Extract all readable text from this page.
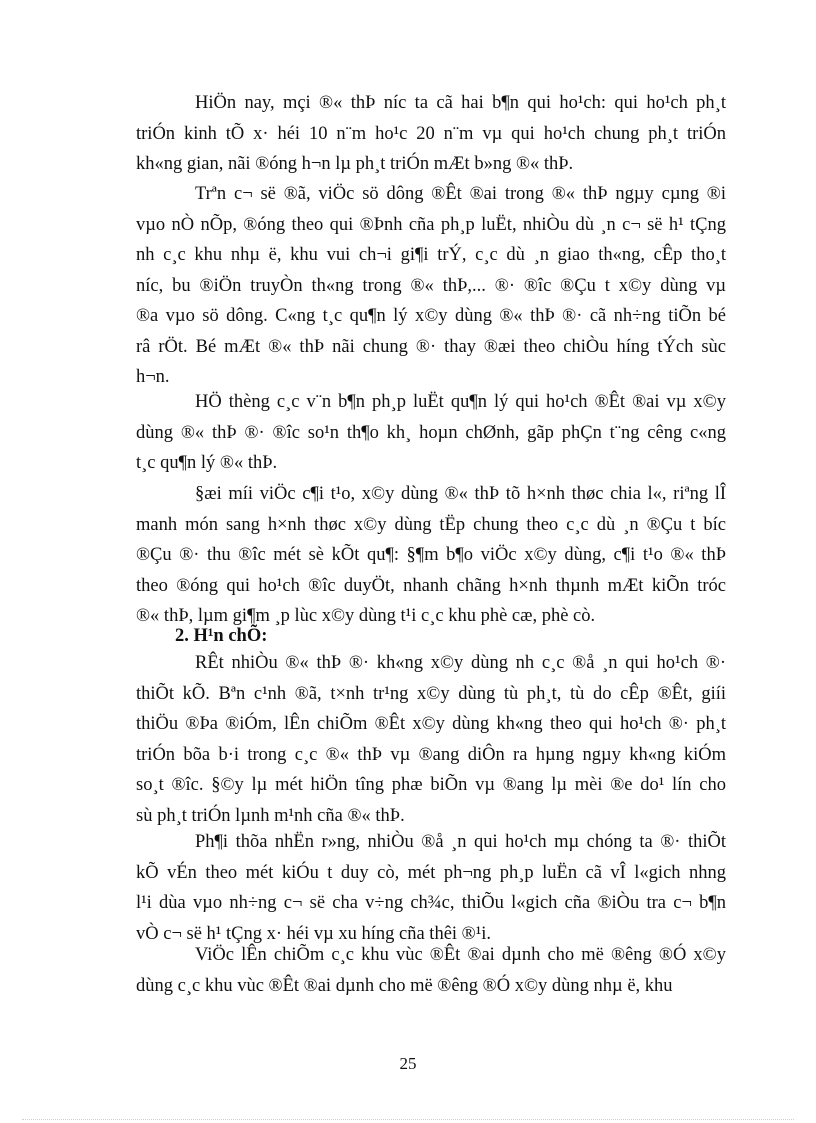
HiÖn nay, mçi ®« thÞ níc ta cã hai b¶n qui ho¹ch: qui ho¹ch ph¸t
triÓn kinh tÕ x· héi 10 n¨m ho¹c 20 n¨m vµ qui ho¹ch chung ph¸t triÓn
kh«ng gian, nãi ®óng h¬n lµ ph¸t triÓn mÆt b»ng ®« thÞ.
Trªn c¬ së ®ã, viÖc sö dông ®Êt ®ai trong ®« thÞ ngµy cµng ®i
vµo nÒ nÕp, ®óng theo qui ®Þnh cña ph¸p luËt, nhiÒu dù ¸n c¬ së h¹ tÇng
nh c¸c khu nhµ ë, khu vui ch¬i gi¶i trÝ, c¸c dù ¸n giao th«ng, cÊp tho¸t
níc, bu ®iÖn truyÒn th«ng trong ®« thÞ,... ®· ®îc ®Çu t x©y dùng vµ
®a vµo sö dông. C«ng t¸c qu¶n lý x©y dùng ®« thÞ ®· cã nh÷ng tiÕn bé
râ rÖt. Bé mÆt ®« thÞ nãi chung ®· thay ®æi theo chiÒu híng tÝch sùc
h¬n.
HÖ thèng c¸c v¨n b¶n ph¸p luËt qu¶n lý qui ho¹ch ®Êt ®ai vµ x©y
dùng ®« thÞ ®· ®îc so¹n th¶o kh¸ hoµn chØnh, gãp phÇn t¨ng cêng c«ng
t¸c qu¶n lý ®« thÞ.
§æi míi viÖc c¶i t¹o, x©y dùng ®« thÞ tõ h×nh thøc chia l«, riªng lÎ
manh món sang h×nh thøc x©y dùng tËp chung theo c¸c dù ¸n ®Çu t bíc
®Çu ®· thu ®îc mét sè kÕt qu¶: §¶m b¶o viÖc x©y dùng, c¶i t¹o ®« thÞ
theo ®óng qui ho¹ch ®îc duyÖt, nhanh chãng h×nh thµnh mÆt kiÕn tróc
®« thÞ, lµm gi¶m ¸p lùc x©y dùng t¹i c¸c khu phè cæ, phè cò.
RÊt nhiÒu ®« thÞ ®· kh«ng x©y dùng nh c¸c ®å ¸n qui ho¹ch ®·
thiÕt kÕ. Bªn c¹nh ®ã, t×nh tr¹ng x©y dùng tù ph¸t, tù do cÊp ®Êt, giíi
thiÖu ®Þa ®iÓm, lÊn chiÕm ®Êt x©y dùng kh«ng theo qui ho¹ch ®· ph¸t
triÓn bõa b·i trong c¸c ®« thÞ vµ ®ang diÔn ra hµng ngµy kh«ng kiÓm
so¸t ®îc. §©y lµ mét hiÖn tîng phæ biÕn vµ ®ang lµ mèi ®e do¹ lín cho
sù ph¸t triÓn lµnh m¹nh cña ®« thÞ.
Ph¶i thõa nhËn r»ng, nhiÒu ®å ¸n qui ho¹ch mµ chóng ta ®· thiÕt
kÕ vÉn theo mét kiÓu t duy cò, mét ph¬ng ph¸p luËn cã vÎ l«gich nhng
l¹i dùa vµo nh÷ng c¬ së cha v÷ng ch¾c, thiÕu l«gich cña ®iÒu tra c¬ b¶n
vÒ c¬ së h¹ tÇng x· héi vµ xu híng cña thêi ®¹i.
ViÖc lÊn chiÕm c¸c khu vùc ®Êt ®ai dµnh cho më ®êng ®Ó x©y
dùng c¸c khu vùc ®Êt ®ai dµnh cho më ®êng ®Ó x©y dùng nhµ ë, khu
2. H¹n chÕ:
25
